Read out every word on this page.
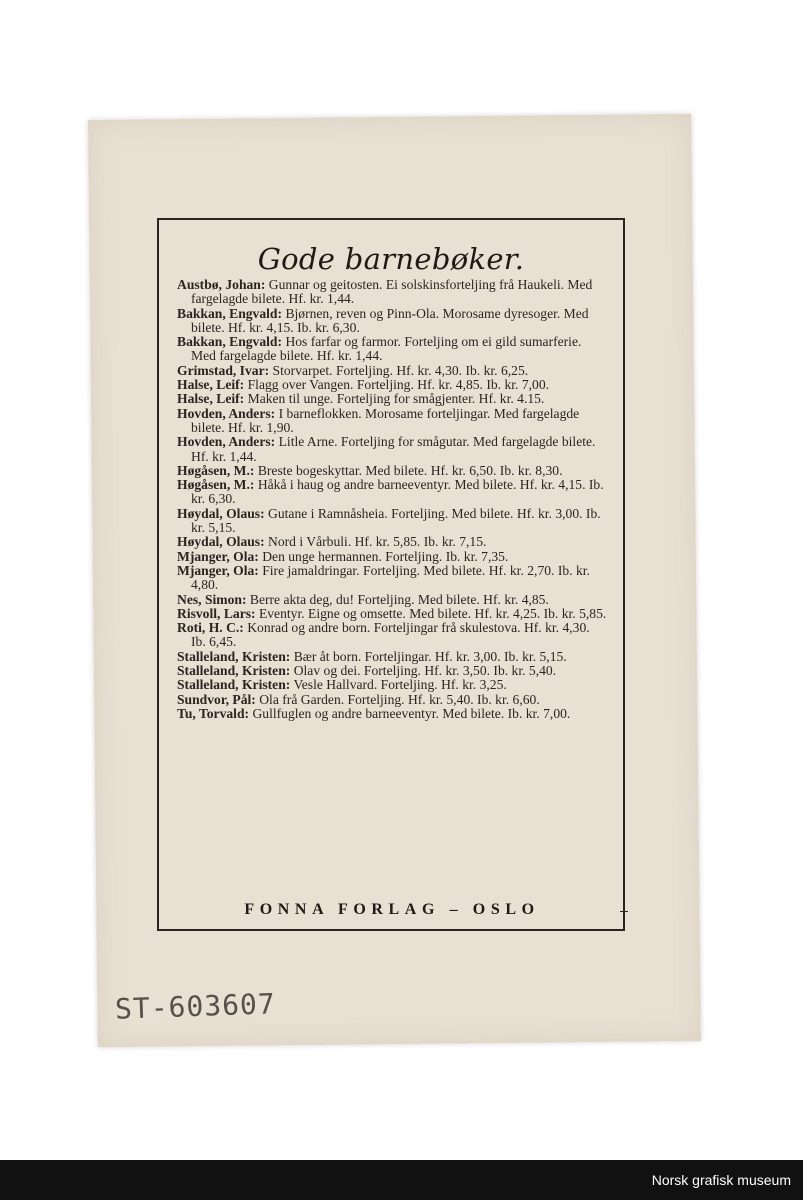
Gode barnebøker.

Austbø, Johan: Gunnar og geitosten. Ei solskinsforteljing frå Haukeli. Med fargelagde bilete. Hf. kr. 1,44.

Bakkan, Engvald: Bjørnen, reven og Pinn-Ola. Morosame dyresoger. Med bilete. Hf. kr. 4,15. Ib. kr. 6,30.

Bakkan, Engvald: Hos farfar og farmor. Forteljing om ei gild sumarferie. Med fargelagde bilete. Hf. kr. 1,44.

Grimstad, Ivar: Storvarpet. Forteljing. Hf. kr. 4,30. Ib. kr. 6,25.

Halse, Leif: Flagg over Vangen. Forteljing. Hf. kr. 4,85. Ib. kr. 7,00.

Halse, Leif: Maken til unge. Forteljing for smågjenter. Hf. kr. 4.15.

Hovden, Anders: I barneflokken. Morosame forteljingar. Med fargelagde bilete. Hf. kr. 1,90.

Hovden, Anders: Litle Arne. Forteljing for smågutar. Med fargelagde bilete. Hf. kr. 1,44.

Høgåsen, M.: Breste bogeskyttar. Med bilete. Hf. kr. 6,50. Ib. kr. 8,30.

Høgåsen, M.: Håkå i haug og andre barneeventyr. Med bilete. Hf. kr. 4,15. Ib. kr. 6,30.

Høydal, Olaus: Gutane i Ramnåsheia. Forteljing. Med bilete. Hf. kr. 3,00. Ib. kr. 5,15.

Høydal, Olaus: Nord i Vårbuli. Hf. kr. 5,85. Ib. kr. 7,15.

Mjanger, Ola: Den unge hermannen. Forteljing. Ib. kr. 7,35.

Mjanger, Ola: Fire jamaldringar. Forteljing. Med bilete. Hf. kr. 2,70. Ib. kr. 4,80.

Nes, Simon: Berre akta deg, du! Forteljing. Med bilete. Hf. kr. 4,85.

Risvoll, Lars: Eventyr. Eigne og omsette. Med bilete. Hf. kr. 4,25. Ib. kr. 5,85.

Roti, H. C.: Konrad og andre born. Forteljingar frå skulestova. Hf. kr. 4,30. Ib. 6,45.

Stalleland, Kristen: Bær åt born. Forteljingar. Hf. kr. 3,00. Ib. kr. 5,15.

Stalleland, Kristen: Olav og dei. Forteljing. Hf. kr. 3,50. Ib. kr. 5,40.

Stalleland, Kristen: Vesle Hallvard. Forteljing. Hf. kr. 3,25.

Sundvor, Pål: Ola frå Garden. Forteljing. Hf. kr. 5,40. Ib. kr. 6,60.

Tu, Torvald: Gullfuglen og andre barneeventyr. Med bilete. Ib. kr. 7,00.

FONNA FORLAG – OSLO
ST-603607
Norsk grafisk museum
